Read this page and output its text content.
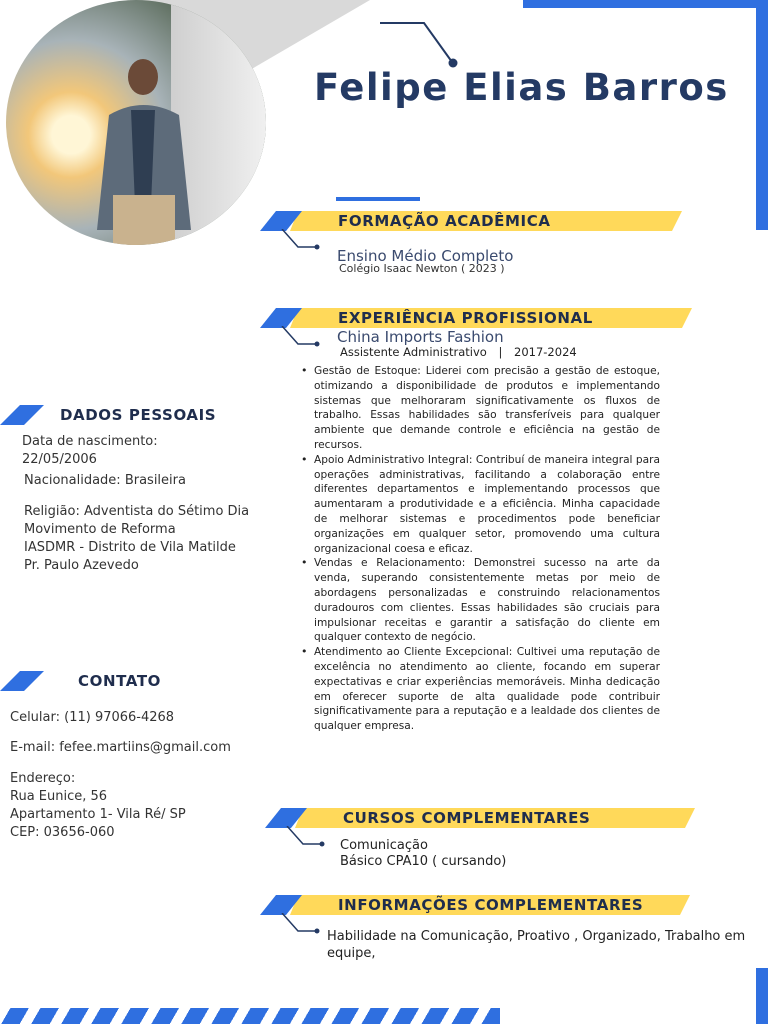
Felipe Elias Barros
FORMAÇÃO ACADÊMICA
Ensino Médio Completo
Colégio Isaac Newton ( 2023 )
EXPERIÊNCIA PROFISSIONAL
China Imports Fashion
Assistente Administrativo | 2017-2024
• Gestão de Estoque: Liderei com precisão a gestão de estoque, otimizando a disponibilidade de produtos e implementando sistemas que melhoraram significativamente os fluxos de trabalho. Essas habilidades são transferíveis para qualquer ambiente que demande controle e eficiência na gestão de recursos.
• Apoio Administrativo Integral: Contribuí de maneira integral para operações administrativas, facilitando a colaboração entre diferentes departamentos e implementando processos que aumentaram a produtividade e a eficiência. Minha capacidade de melhorar sistemas e procedimentos pode beneficiar organizações em qualquer setor, promovendo uma cultura organizacional coesa e eficaz.
• Vendas e Relacionamento: Demonstrei sucesso na arte da venda, superando consistentemente metas por meio de abordagens personalizadas e construindo relacionamentos duradouros com clientes. Essas habilidades são cruciais para impulsionar receitas e garantir a satisfação do cliente em qualquer contexto de negócio.
• Atendimento ao Cliente Excepcional: Cultivei uma reputação de excelência no atendimento ao cliente, focando em superar expectativas e criar experiências memoráveis. Minha dedicação em oferecer suporte de alta qualidade pode contribuir significativamente para a reputação e a lealdade dos clientes de qualquer empresa.
CURSOS COMPLEMENTARES
Comunicação
Básico CPA10 ( cursando)
INFORMAÇÕES COMPLEMENTARES
Habilidade na Comunicação, Proativo , Organizado, Trabalho em equipe,
DADOS PESSOAIS
Data de nascimento:
22/05/2006
Nacionalidade: Brasileira
Religião: Adventista do Sétimo Dia
Movimento de Reforma
IASDMR - Distrito de Vila Matilde
Pr. Paulo Azevedo
CONTATO
Celular: (11) 97066-4268
E-mail: fefee.martiins@gmail.com
Endereço:
Rua Eunice, 56
Apartamento 1- Vila Ré/ SP
CEP: 03656-060
